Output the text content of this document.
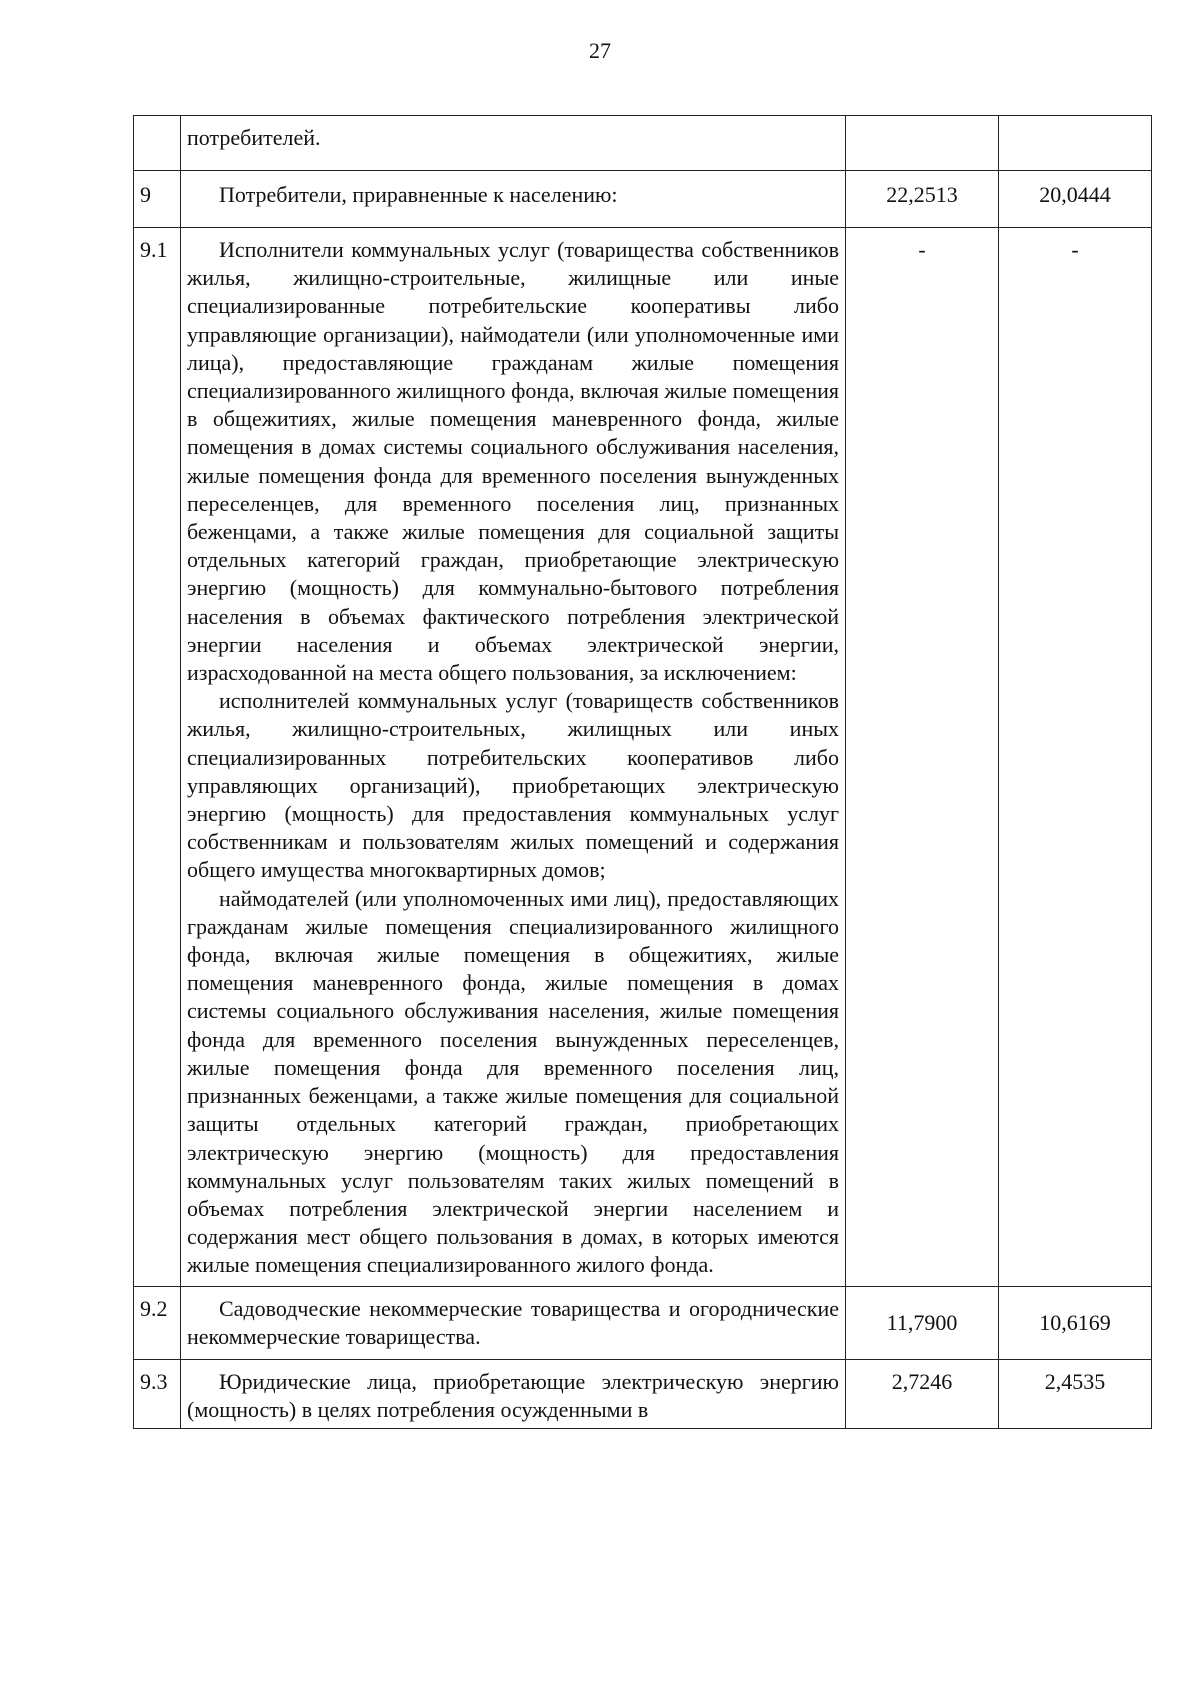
27

	потребителей.		

9	Потребители, приравненные к населению:	22,2513	20,0444
9.1	Исполнители коммунальных услуг (товарищества собственников жилья, жилищно-строительные, жилищные или иные специализированные потребительские кооперативы либо управляющие организации), наймодатели (или уполномоченные ими лица), предоставляющие гражданам жилые помещения специализированного жилищного фонда, включая жилые помещения в общежитиях, жилые помещения маневренного фонда, жилые помещения в домах системы социального обслуживания населения, жилые помещения фонда для временного поселения вынужденных переселенцев, для временного поселения лиц, признанных беженцами, а также жилые помещения для социальной защиты отдельных категорий граждан, приобретающие электрическую энергию (мощность) для коммунально-бытового потребления населения в объемах фактического потребления электрической энергии населения и объемах электрической энергии, израсходованной на места общего пользования, за исключением:

исполнителей коммунальных услуг (товариществ собственников жилья, жилищно-строительных, жилищных или иных специализированных потребительских кооперативов либо управляющих организаций), приобретающих электрическую энергию (мощность) для предоставления коммунальных услуг собственникам и пользователям жилых помещений и содержания общего имущества многоквартирных домов;

наймодателей (или уполномоченных ими лиц), предоставляющих гражданам жилые помещения специализированного жилищного фонда, включая жилые помещения в общежитиях, жилые помещения маневренного фонда, жилые помещения в домах системы социального обслуживания населения, жилые помещения фонда для временного поселения вынужденных переселенцев, жилые помещения фонда для временного поселения лиц, признанных беженцами, а также жилые помещения для социальной защиты отдельных категорий граждан, приобретающих электрическую энергию (мощность) для предоставления коммунальных услуг пользователям таких жилых помещений в объемах потребления электрической энергии населением и содержания мест общего пользования в домах, в которых имеются жилые помещения специализированного жилого фонда.	-	-
9.2	Садоводческие некоммерческие товарищества и огороднические некоммерческие товарищества.	11,7900	10,6169
9.3	Юридические лица, приобретающие электрическую энергию (мощность) в целях потребления осужденными в	2,7246	2,4535
